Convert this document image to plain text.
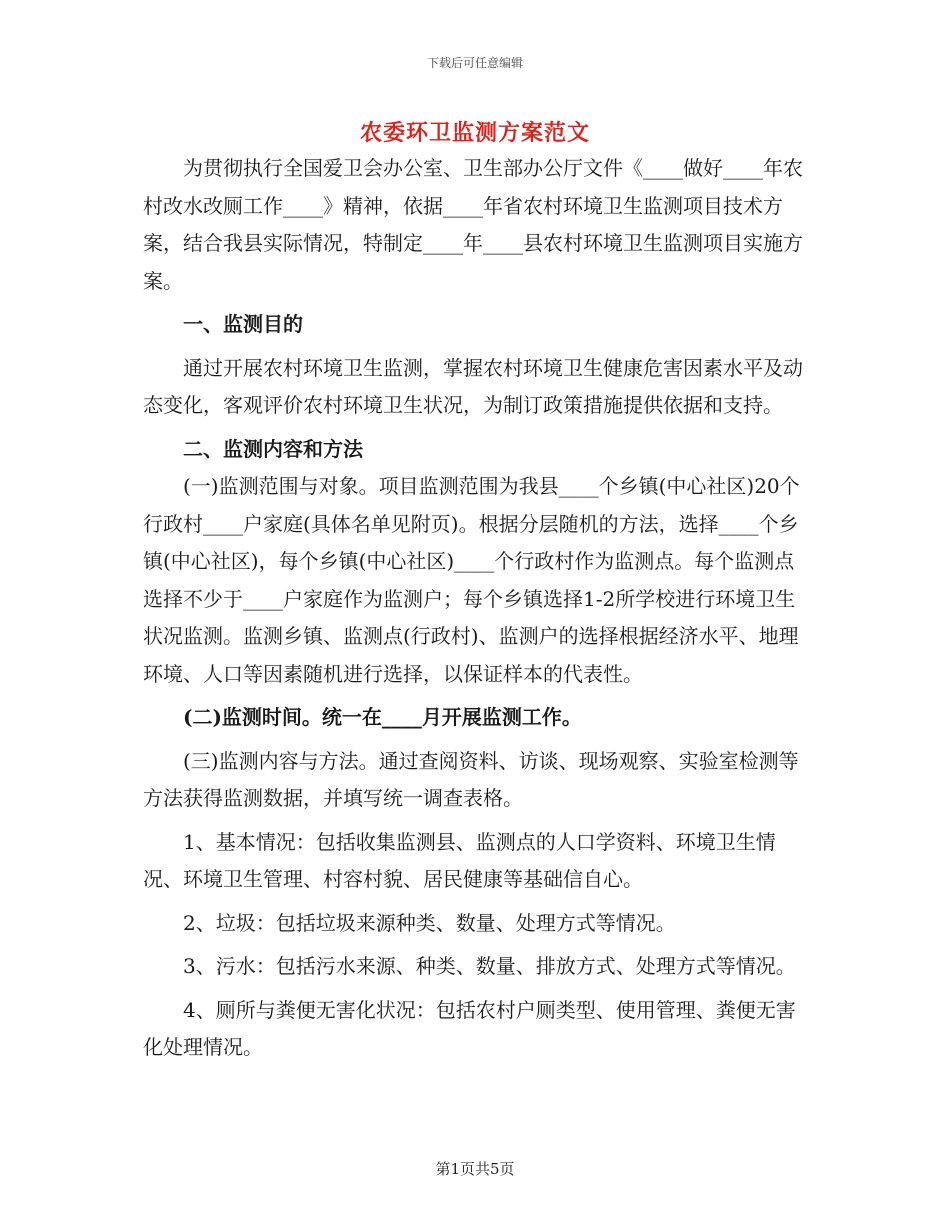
下载后可任意编辑
农委环卫监测方案范文

为贯彻执行全国爱卫会办公室、卫生部办公厅文件《____做好____年农村改水改厕工作____》精神，依据____年省农村环境卫生监测项目技术方案，结合我县实际情况，特制定____年____县农村环境卫生监测项目实施方案。

一、监测目的

通过开展农村环境卫生监测，掌握农村环境卫生健康危害因素水平及动态变化，客观评价农村环境卫生状况，为制订政策措施提供依据和支持。

二、监测内容和方法

(一)监测范围与对象。项目监测范围为我县____个乡镇(中心社区)20个行政村____户家庭(具体名单见附页)。根据分层随机的方法，选择____个乡镇(中心社区)，每个乡镇(中心社区)____个行政村作为监测点。每个监测点选择不少于____户家庭作为监测户；每个乡镇选择1-2所学校进行环境卫生状况监测。监测乡镇、监测点(行政村)、监测户的选择根据经济水平、地理环境、人口等因素随机进行选择，以保证样本的代表性。

(二)监测时间。统一在____月开展监测工作。

(三)监测内容与方法。通过查阅资料、访谈、现场观察、实验室检测等方法获得监测数据，并填写统一调查表格。

1、基本情况：包括收集监测县、监测点的人口学资料、环境卫生情况、环境卫生管理、村容村貌、居民健康等基础信自心。

2、垃圾：包括垃圾来源种类、数量、处理方式等情况。

3、污水：包括污水来源、种类、数量、排放方式、处理方式等情况。

4、厕所与粪便无害化状况：包括农村户厕类型、使用管理、粪便无害化处理情况。

第1页共5页
